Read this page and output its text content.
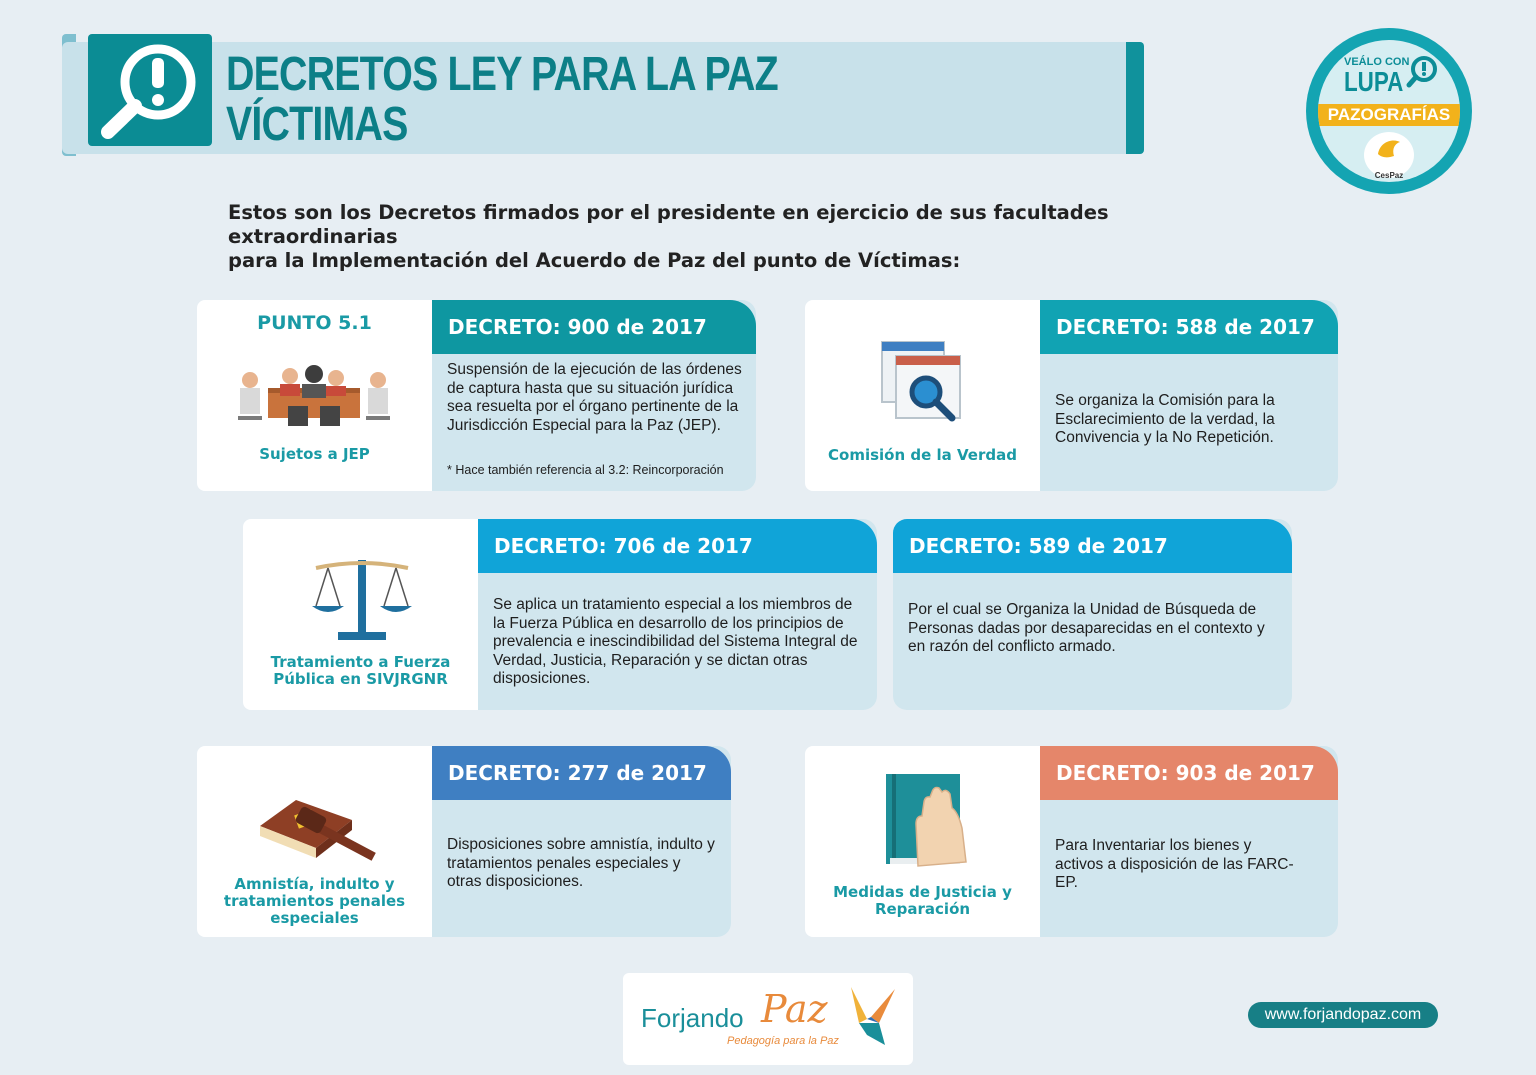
DECRETOS LEY PARA LA PAZ
VÍCTIMAS
VEÁLO CON
LUPA
PAZOGRAFÍAS
CesPaz
Estos son los Decretos firmados por el presidente en ejercicio de sus facultades extraordinarias
para la Implementación del Acuerdo de Paz del punto de Víctimas:
PUNTO 5.1
Sujetos a JEP
DECRETO: 900 de 2017
Suspensión de la ejecución de las órdenes de captura hasta que su situación jurídica sea resuelta por el órgano pertinente de la Jurisdicción Especial para la Paz (JEP).
* Hace también referencia al 3.2: Reincorporación
Comisión de la Verdad
DECRETO: 588 de 2017
Se organiza la Comisión para la Esclarecimiento de la verdad, la Convivencia y la No Repetición.
Tratamiento a Fuerza Pública en SIVJRGNR
DECRETO: 706 de 2017
Se aplica un tratamiento especial a los miembros de la Fuerza Pública en desarrollo de los principios de prevalencia e inescindibilidad del Sistema Integral de Verdad, Justicia, Reparación y se dictan otras disposiciones.
DECRETO: 589 de 2017
Por el cual se Organiza la Unidad de Búsqueda de Personas dadas por desaparecidas en el contexto y en razón del conflicto armado.
Amnistía, indulto y tratamientos penales especiales
DECRETO: 277 de 2017
Disposiciones sobre amnistía, indulto y tratamientos penales especiales y otras disposiciones.
Medidas de Justicia y Reparación
DECRETO: 903 de 2017
Para Inventariar los bienes y activos a disposición de las FARC-EP.
Forjando Paz
Pedagogía para la Paz
www.forjandopaz.com
